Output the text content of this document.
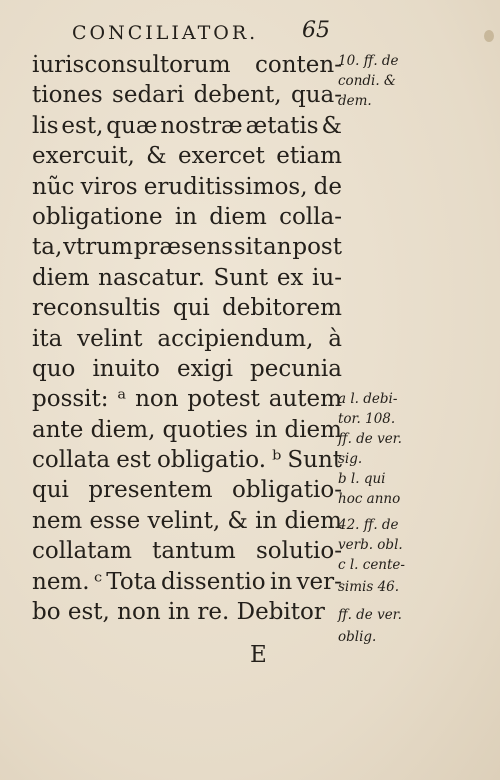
CONCILIATOR. 65
iurisconsultorum conten-
tiones sedari debent, qua-
lis est, quæ nostræ ætatis &
exercuit, & exercet etiam
nũc viros eruditissimos, de
obligatione in diem colla-
ta, vtrum præsens sit an post
diem nascatur. Sunt ex iu-
reconsultis qui debitorem
ita velint accipiendum, à
quo inuito exigi pecunia
possit: ᵃ non potest autem
ante diem, quoties in diem
collata est obligatio. ᵇ Sunt
qui presentem obligatio-
nem esse velint, & in diem
collatam tantum solutio-
nem. ᶜ Tota dissentio in ver-
bo est, non in re. Debitor
10. ff. de
condi. &
dem.
a l. debi-
tor. 108.
ff. de ver.
sig.
b l. qui
hoc anno
42. ff. de
verb. obl.
c l. cente-
simis 46.
ff. de ver.
oblig.
E
